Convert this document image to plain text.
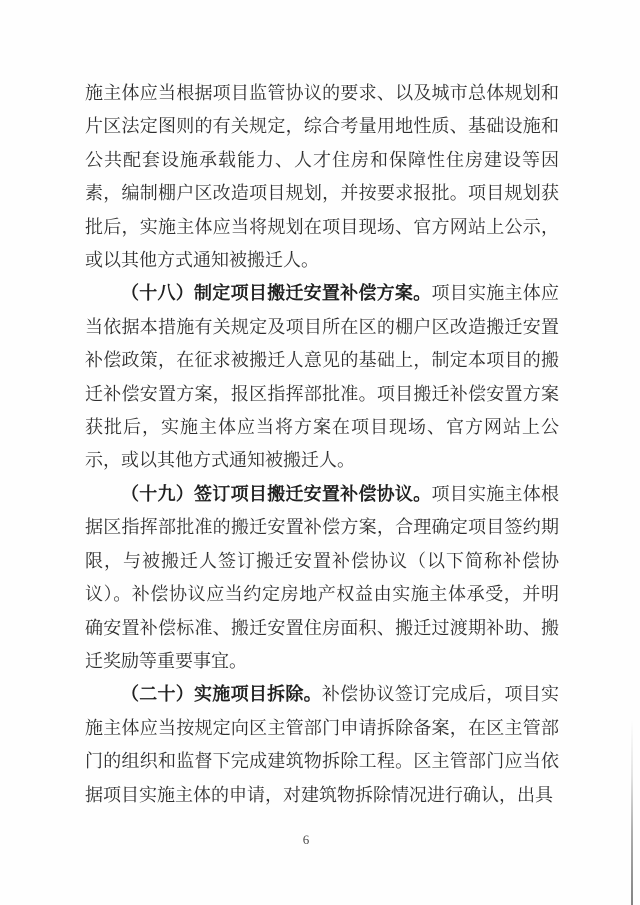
施主体应当根据项目监管协议的要求、以及城市总体规划和片区法定图则的有关规定，综合考量用地性质、基础设施和公共配套设施承载能力、人才住房和保障性住房建设等因素，编制棚户区改造项目规划，并按要求报批。项目规划获批后，实施主体应当将规划在项目现场、官方网站上公示，或以其他方式通知被搬迁人。

（十八）制定项目搬迁安置补偿方案。项目实施主体应当依据本措施有关规定及项目所在区的棚户区改造搬迁安置补偿政策，在征求被搬迁人意见的基础上，制定本项目的搬迁补偿安置方案，报区指挥部批准。项目搬迁补偿安置方案获批后，实施主体应当将方案在项目现场、官方网站上公示，或以其他方式通知被搬迁人。

（十九）签订项目搬迁安置补偿协议。项目实施主体根据区指挥部批准的搬迁安置补偿方案，合理确定项目签约期限，与被搬迁人签订搬迁安置补偿协议（以下简称补偿协议）。补偿协议应当约定房地产权益由实施主体承受，并明确安置补偿标准、搬迁安置住房面积、搬迁过渡期补助、搬迁奖励等重要事宜。

（二十）实施项目拆除。补偿协议签订完成后，项目实施主体应当按规定向区主管部门申请拆除备案，在区主管部门的组织和监督下完成建筑物拆除工程。区主管部门应当依据项目实施主体的申请，对建筑物拆除情况进行确认，出具

6
